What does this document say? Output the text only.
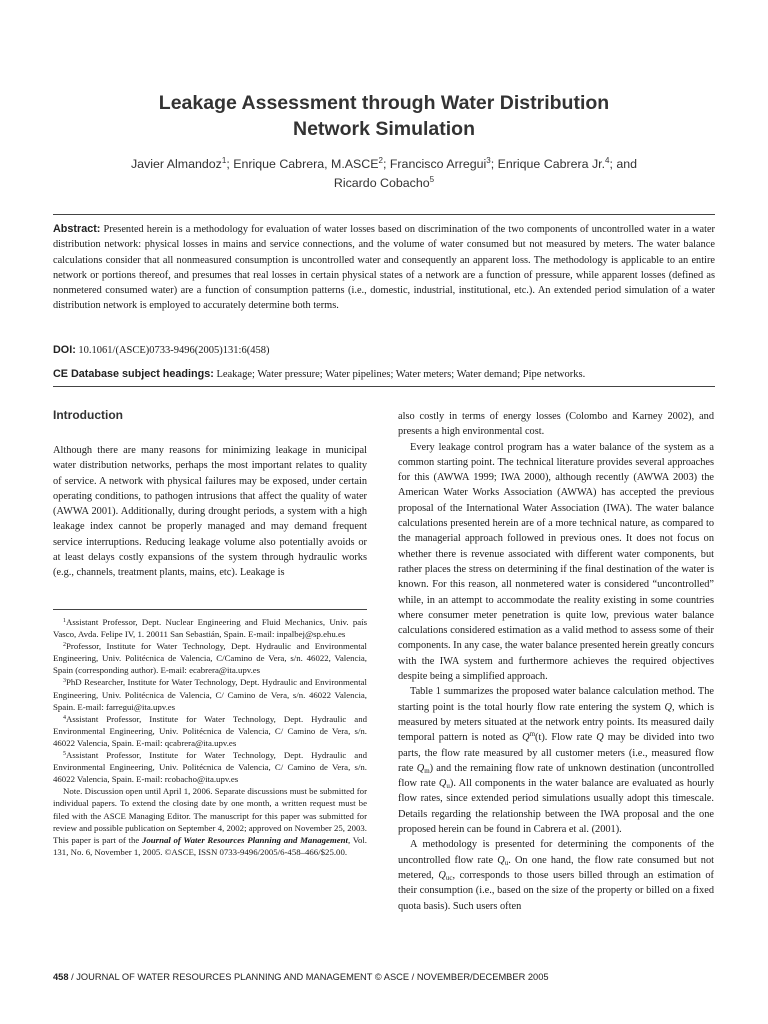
Leakage Assessment through Water Distribution
Network Simulation
Javier Almandoz$^1$; Enrique Cabrera, M.ASCE$^2$; Francisco Arregui$^3$; Enrique Cabrera Jr.$^4$; and
Ricardo Cobacho$^5$
Abstract: Presented herein is a methodology for evaluation of water losses based on discrimination of the two components of uncontrolled water in a water distribution network: physical losses in mains and service connections, and the volume of water consumed but not measured by meters. The water balance calculations consider that all nonmeasured consumption is uncontrolled water and consequently an apparent loss. The methodology is applicable to an entire network or portions thereof, and presumes that real losses in certain physical states of a network are a function of pressure, while apparent losses (defined as nonmetered consumed water) are a function of consumption patterns (i.e., domestic, industrial, institutional, etc.). An extended period simulation of a water distribution network is employed to accurately determine both terms.
DOI: 10.1061/(ASCE)0733-9496(2005)131:6(458)
CE Database subject headings: Leakage; Water pressure; Water pipelines; Water meters; Water demand; Pipe networks.
Introduction

Although there are many reasons for minimizing leakage in municipal water distribution networks, perhaps the most important relates to quality of service. A network with physical failures may be exposed, under certain operating conditions, to pathogen intrusions that affect the quality of water (AWWA 2001). Additionally, during drought periods, a system with a high leakage index cannot be properly managed and may demand frequent service interruptions. Reducing leakage volume also potentially avoids or at least delays costly expansions of the system through hydraulic works (e.g., channels, treatment plants, mains, etc). Leakage is

$^1$Assistant Professor, Dept. Nuclear Engineering and Fluid Mechanics, Univ. país Vasco, Avda. Felipe IV, 1. 20011 San Sebastián, Spain. E-mail: inpalbej@sp.ehu.es

$^2$Professor, Institute for Water Technology, Dept. Hydraulic and Environmental Engineering, Univ. Politécnica de Valencia, C/Camino de Vera, s/n. 46022, Valencia, Spain (corresponding author). E-mail: ecabrera@ita.upv.es

$^3$PhD Researcher, Institute for Water Technology, Dept. Hydraulic and Environmental Engineering, Univ. Politécnica de Valencia, C/ Camino de Vera, s/n. 46022 Valencia, Spain. E-mail: farregui@ita.upv.es

$^4$Assistant Professor, Institute for Water Technology, Dept. Hydraulic and Environmental Engineering, Univ. Politécnica de Valencia, C/ Camino de Vera, s/n. 46022 Valencia, Spain. E-mail: qcabrera@ita.upv.es

$^5$Assistant Professor, Institute for Water Technology, Dept. Hydraulic and Environmental Engineering, Univ. Politécnica de Valencia, C/ Camino de Vera, s/n. 46022 Valencia, Spain. E-mail: rcobacho@ita.upv.es

Note. Discussion open until April 1, 2006. Separate discussions must be submitted for individual papers. To extend the closing date by one month, a written request must be filed with the ASCE Managing Editor. The manuscript for this paper was submitted for review and possible publication on September 4, 2002; approved on November 25, 2003. This paper is part of the Journal of Water Resources Planning and Management, Vol. 131, No. 6, November 1, 2005. ©ASCE, ISSN 0733-9496/2005/6-458–466/$25.00.

also costly in terms of energy losses (Colombo and Karney 2002), and presents a high environmental cost.

Every leakage control program has a water balance of the system as a common starting point. The technical literature provides several approaches for this (AWWA 1999; IWA 2000), although recently (AWWA 2003) the American Water Works Association (AWWA) has accepted the previous proposal of the International Water Association (IWA). The water balance calculations presented herein are of a more technical nature, as compared to the managerial approach followed in previous ones. It does not focus on whether there is revenue associated with different water components, but rather places the stress on determining if the final destination of the water is known. For this reason, all nonmetered water is considered “uncontrolled” while, in an attempt to accommodate the reality existing in some countries where consumer meter penetration is quite low, previous water balance calculations considered estimation as a valid method to assess some of their components. In any case, the water balance presented herein greatly concurs with the IWA system and furthermore achieves the required objectives despite being a simplified approach.

Table 1 summarizes the proposed water balance calculation method. The starting point is the total hourly flow rate entering the system Q, which is measured by meters situated at the network entry points. Its measured daily temporal pattern is noted as $Q^m(t)$. Flow rate Q may be divided into two parts, the flow rate measured by all customer meters (i.e., measured flow rate $Q_m$) and the remaining flow rate of unknown destination (uncontrolled flow rate $Q_u$). All components in the water balance are evaluated as hourly flow rates, since extended period simulations usually adopt this timescale. Details regarding the relationship between the IWA proposal and the one proposed herein can be found in Cabrera et al. (2001).

A methodology is presented for determining the components of the uncontrolled flow rate $Q_u$. On one hand, the flow rate consumed but not metered, $Q_{uc}$, corresponds to those users billed through an estimation of their consumption (i.e., based on the size of the property or billed on a fixed quota basis). Such users often

458 / JOURNAL OF WATER RESOURCES PLANNING AND MANAGEMENT © ASCE / NOVEMBER/DECEMBER 2005
